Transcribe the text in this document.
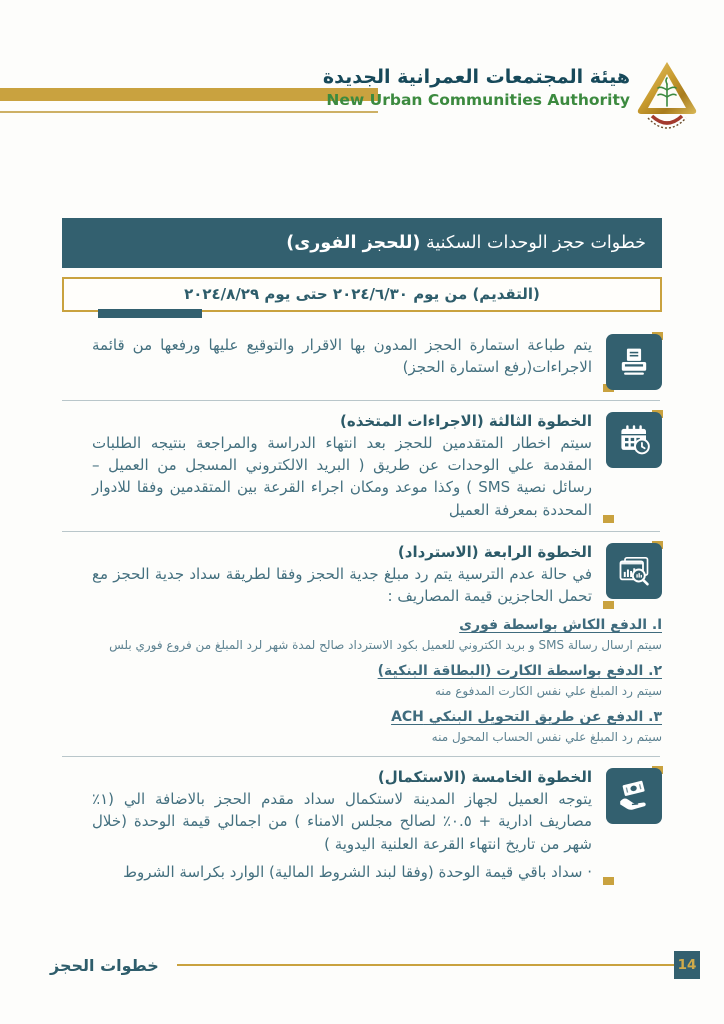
هيئة المجتمعات العمرانية الجديدة
New Urban Communities Authority
خطوات حجز الوحدات السكنية (للحجز الفورى)
(التقديم) من يوم ٢٠٢٤/٦/٣٠ حتى يوم ٢٠٢٤/٨/٢٩
يتم طباعة استمارة الحجز المدون بها الاقرار والتوقيع عليها ورفعها من قائمة الاجراءات(رفع استمارة الحجز)
الخطوة الثالثة (الاجراءات المتخذه)
سيتم اخطار المتقدمين للحجز بعد انتهاء الدراسة والمراجعة بنتيجه الطلبات المقدمة علي الوحدات عن طريق ( البريد الالكتروني المسجل من العميل – رسائل نصية SMS ) وكذا موعد ومكان اجراء القرعة بين المتقدمين وفقا للادوار المحددة بمعرفة العميل
الخطوة الرابعة (الاسترداد)
في حالة عدم الترسية يتم رد مبلغ جدية الحجز وفقا لطريقة سداد جدية الحجز مع تحمل الحاجزين قيمة المصاريف :
ا. الدفع الكاش بواسطة فورى
سيتم ارسال رسالة SMS و بريد الكتروني للعميل بكود الاسترداد صالح لمدة شهر لرد المبلغ من فروع فوري بلس
٢. الدفع بواسطة الكارت (البطاقة البنكية)
سيتم رد المبلغ علي نفس الكارت المدفوع منه
٣. الدفع عن طريق التحويل البنكي ACH
سيتم رد المبلغ علي نفس الحساب المحول منه
الخطوة الخامسة (الاستكمال)
يتوجه العميل لجهاز المدينة لاستكمال سداد مقدم الحجز بالاضافة الي (١٪ مصاريف ادارية + ٠.٥٪ لصالح مجلس الامناء ) من اجمالي قيمة الوحدة (خلال شهر من تاريخ انتهاء القرعة العلنية اليدوية )
· سداد باقي قيمة الوحدة (وفقا لبند الشروط المالية) الوارد بكراسة الشروط
خطوات الحجز	14
